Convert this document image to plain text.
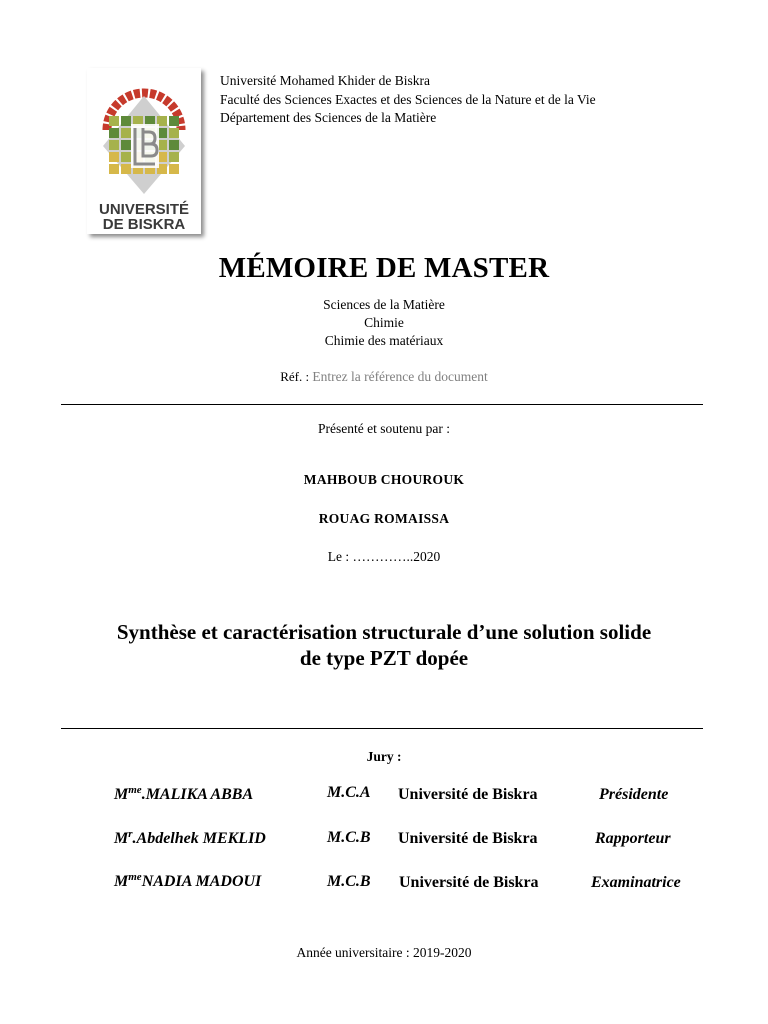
UNIVERSITÉ
DE BISKRA
Université Mohamed Khider de Biskra
Faculté des Sciences Exactes et des Sciences de la Nature et de la Vie
Département des Sciences de la Matière
MÉMOIRE DE MASTER
Sciences de la Matière
Chimie
Chimie des matériaux
Réf. : Entrez la référence du document
Présenté et soutenu par :
MAHBOUB CHOUROUK
ROUAG ROMAISSA
Le : …………..2020
Synthèse et caractérisation structurale d’une solution solide
de type PZT dopée
Jury :
$M^{me}.MALIKA$ ABBA	M.C.A Université de Biskra	Présidente
$M^r.Abdelhek$ MEKLID	M.C.B Université de Biskra	Rapporteur
$M^{me}NADIA$ MADOUI	M.C.B Université de Biskra	Examinatrice
Année universitaire : 2019-2020
